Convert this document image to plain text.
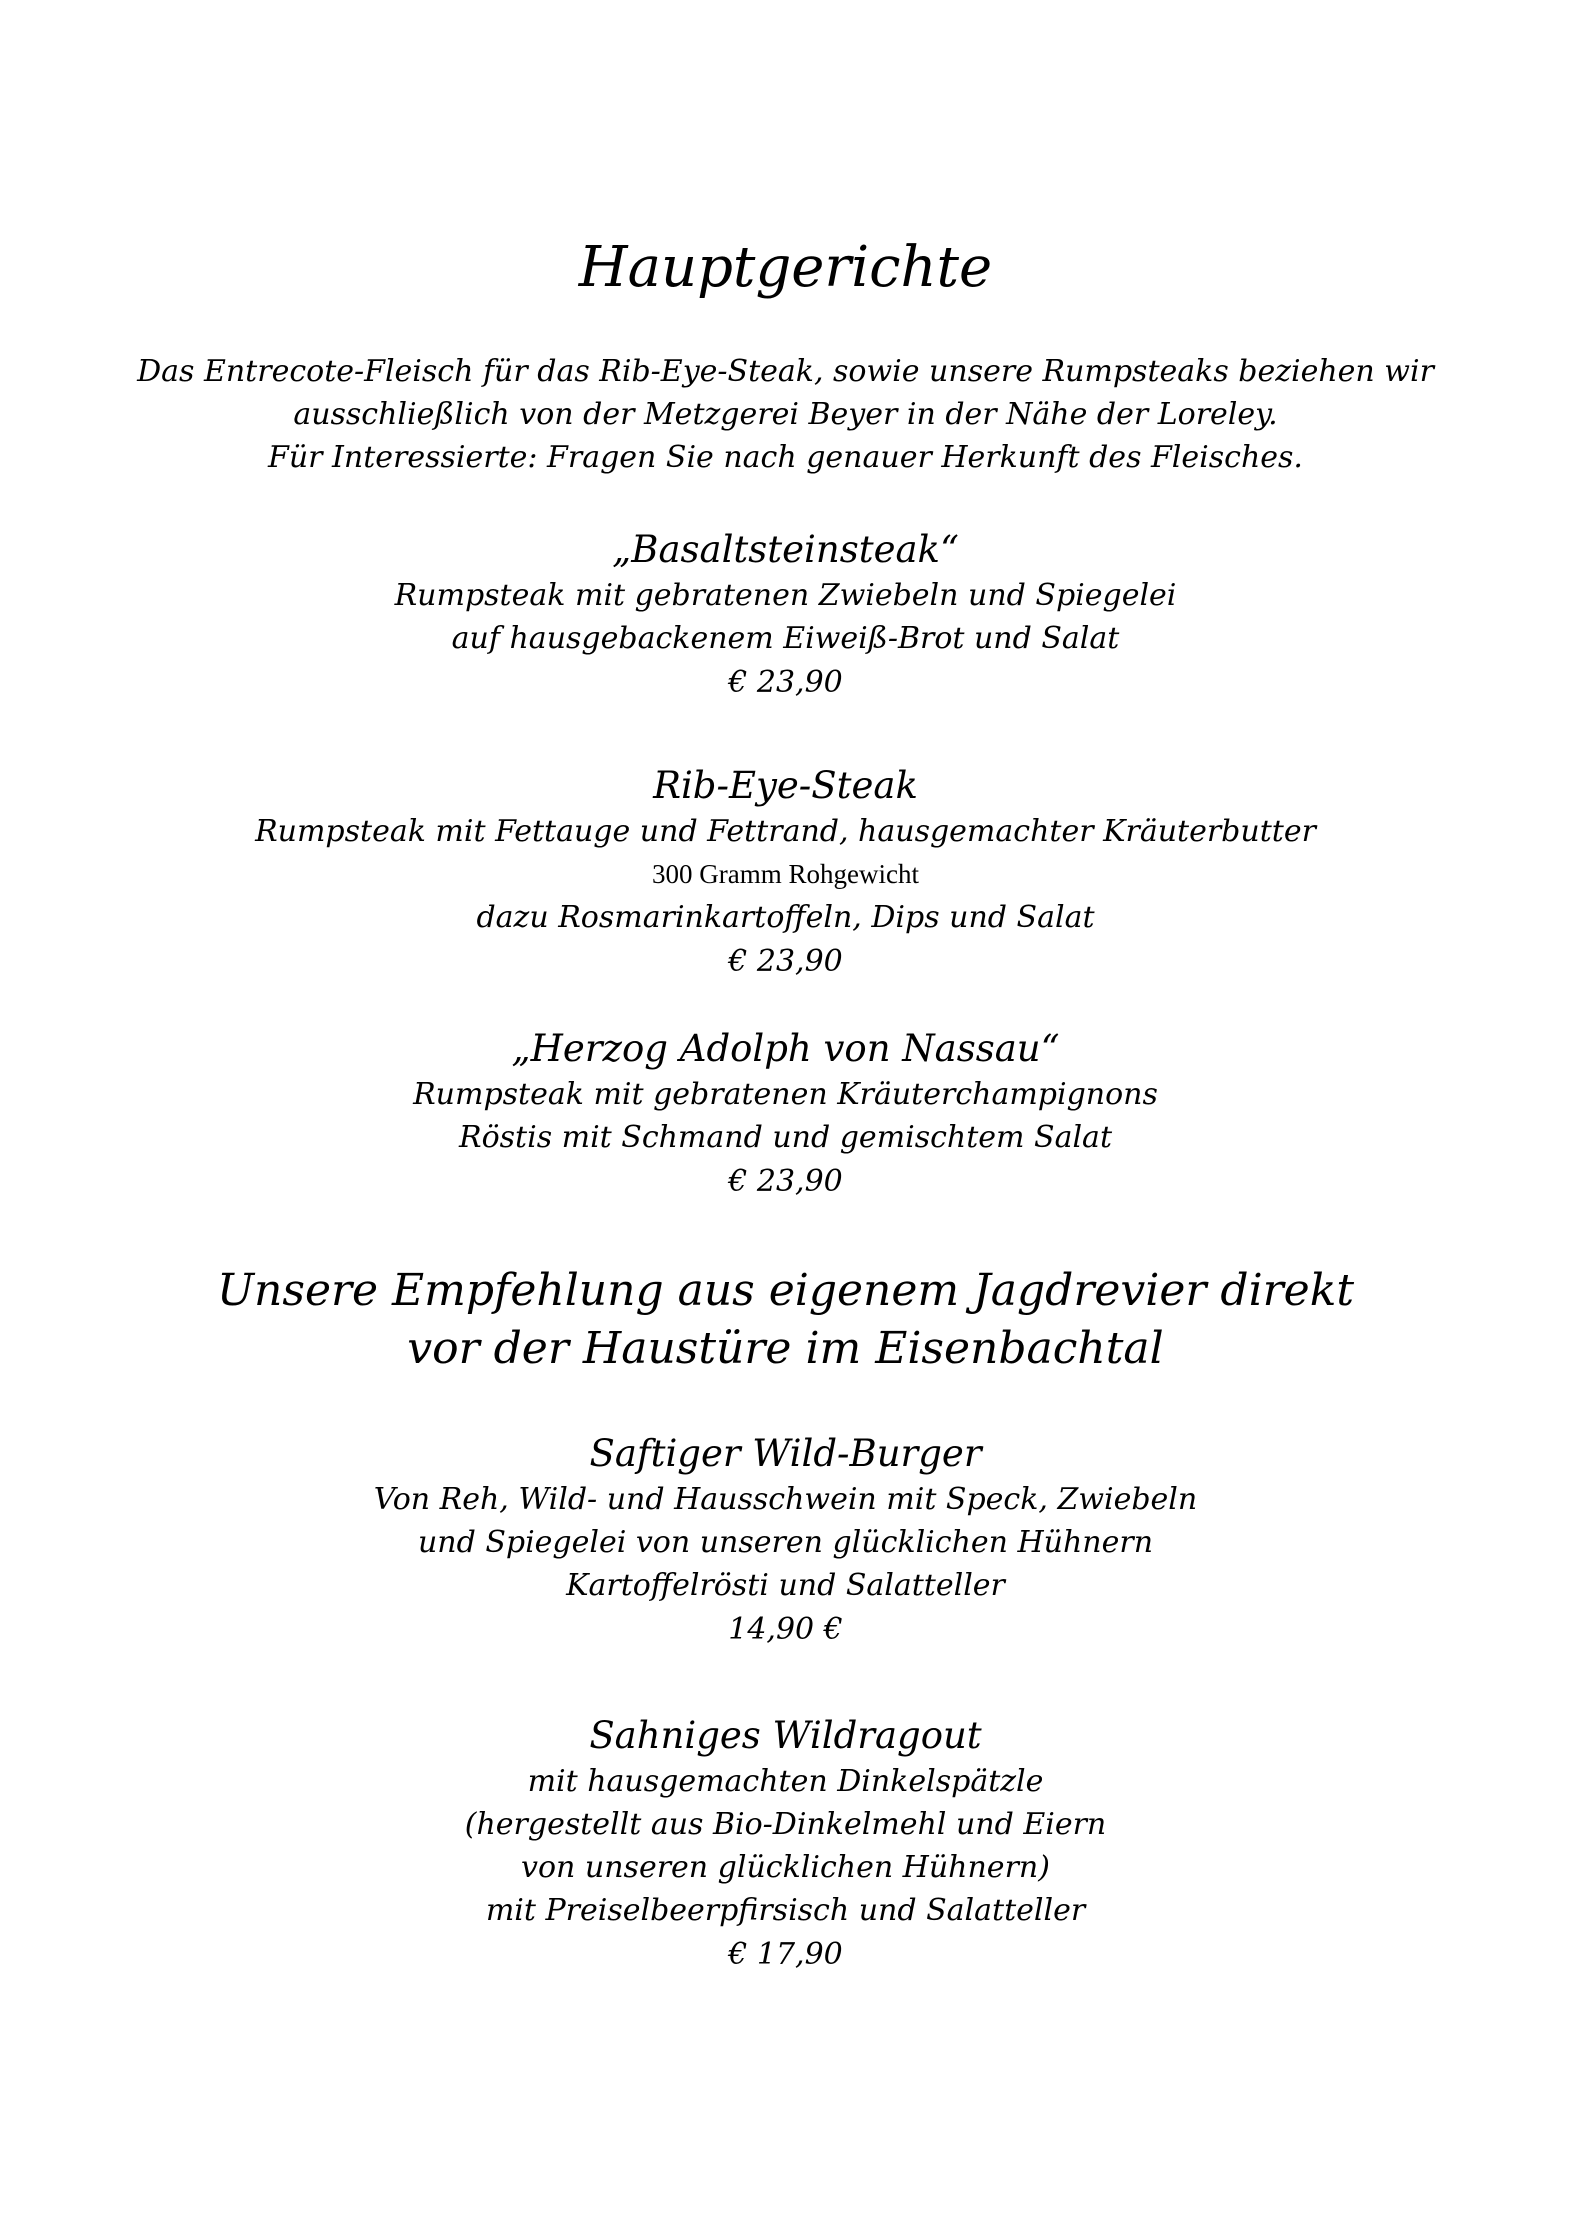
Hauptgerichte
Das Entrecote-Fleisch für das Rib-Eye-Steak, sowie unsere Rumpsteaks beziehen wir
ausschließlich von der Metzgerei Beyer in der Nähe der Loreley.
Für Interessierte: Fragen Sie nach genauer Herkunft des Fleisches.
„Basaltsteinsteak“
Rumpsteak mit gebratenen Zwiebeln und Spiegelei
auf hausgebackenem Eiweiß-Brot und Salat
€ 23,90
Rib-Eye-Steak
Rumpsteak mit Fettauge und Fettrand, hausgemachter Kräuterbutter
300 Gramm Rohgewicht
dazu Rosmarinkartoffeln, Dips und Salat
€ 23,90
„Herzog Adolph von Nassau“
Rumpsteak mit gebratenen Kräuterchampignons
Röstis mit Schmand und gemischtem Salat
€ 23,90
Unsere Empfehlung aus eigenem Jagdrevier direkt
vor der Haustüre im Eisenbachtal
Saftiger Wild-Burger
Von Reh, Wild- und Hausschwein mit Speck, Zwiebeln
und Spiegelei von unseren glücklichen Hühnern
Kartoffelrösti und Salatteller
14,90 €
Sahniges Wildragout
mit hausgemachten Dinkelspätzle
(hergestellt aus Bio-Dinkelmehl und Eiern
von unseren glücklichen Hühnern)
mit Preiselbeerpfirsisch und Salatteller
€ 17,90
